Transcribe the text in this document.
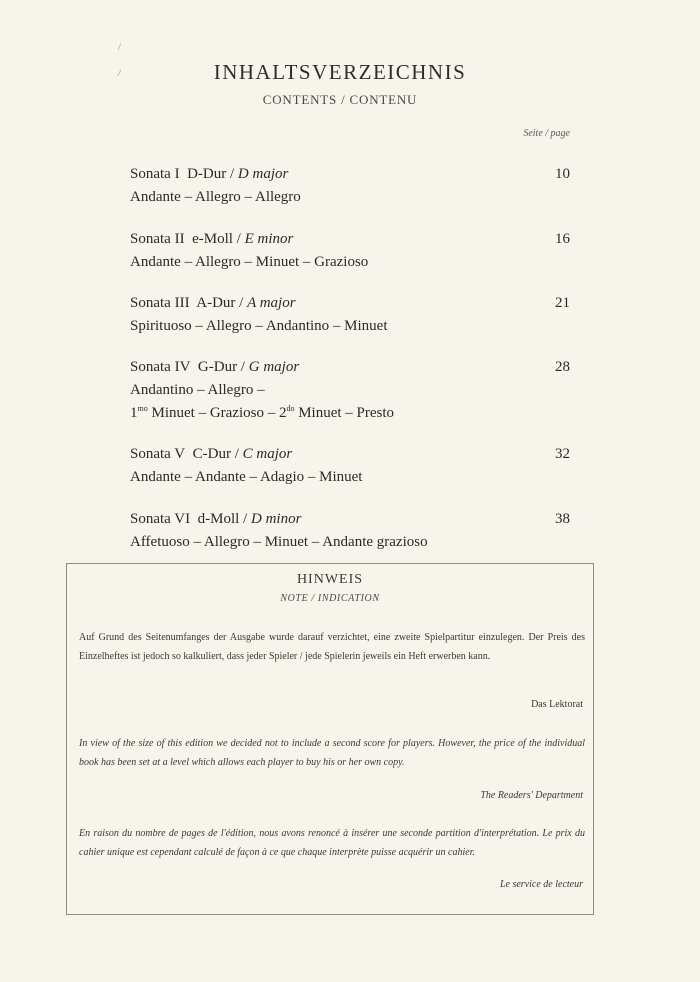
/
/	INHALTSVERZEICHNIS
CONTENTS / CONTENU
Seite / page
Sonata I D-Dur / D major	10
Andante – Allegro – Allegro
Sonata II e-Moll / E minor	16
Andante – Allegro – Minuet – Grazioso
Sonata III A-Dur / A major	21
Spirituoso – Allegro – Andantino – Minuet
Sonata IV G-Dur / G major	28
Andantino – Allegro –
$1^{mo}$ Minuet – Grazioso – $2^{do}$ Minuet – Presto
Sonata V C-Dur / C major	32
Andante – Andante – Adagio – Minuet
Sonata VI d-Moll / D minor	38
Affetuoso – Allegro – Minuet – Andante grazioso
HINWEIS
NOTE / INDICATION
Auf Grund des Seitenumfanges der Ausgabe wurde darauf verzichtet, eine zweite Spielpartitur einzulegen. Der Preis des Einzelheftes ist jedoch so kalkuliert, dass jeder Spieler / jede Spielerin jeweils ein Heft erwerben kann.
Das Lektorat
In view of the size of this edition we decided not to include a second score for players. However, the price of the individual book has been set at a level which allows each player to buy his or her own copy.
The Readers' Department
En raison du nombre de pages de l'édition, nous avons renoncé à insérer une seconde partition d'interprétation. Le prix du cahier unique est cependant calculé de façon à ce que chaque interprète puisse acquérir un cahier.
Le service de lecteur
